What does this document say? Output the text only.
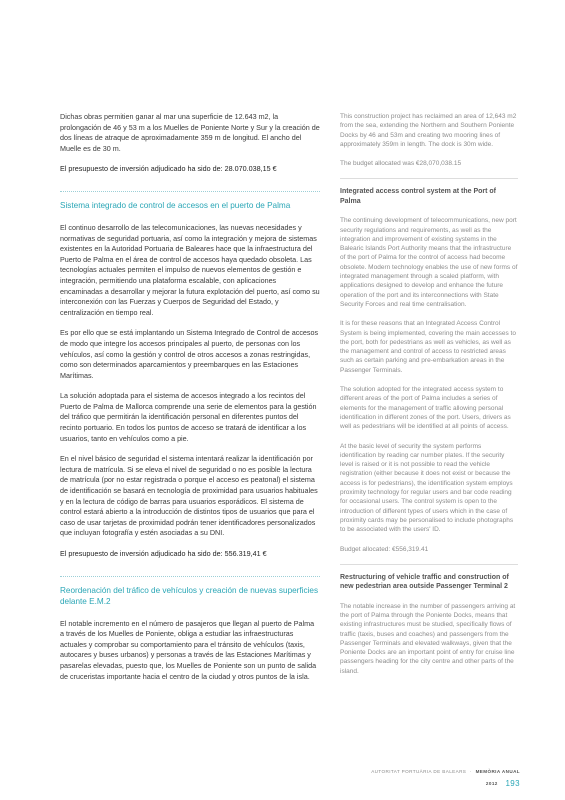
Dichas obras permitien ganar al mar una superficie de 12.643 m2, la prolongación de 46 y 53 m a los Muelles de Poniente Norte y Sur y la creación de dos líneas de atraque de aproximadamente 359 m de longitud. El ancho del Muelle es de 30 m.

El presupuesto de inversión adjudicado ha sido de: 28.070.038,15 €

Sistema integrado de control de accesos en el puerto de Palma

El continuo desarrollo de las telecomunicaciones, las nuevas necesidades y normativas de seguridad portuaria, así como la integración y mejora de sistemas existentes en la Autoridad Portuaria de Baleares hace que la infraestructura del Puerto de Palma en el área de control de accesos haya quedado obsoleta. Las tecnologías actuales permiten el impulso de nuevos elementos de gestión e integración, permitiendo una plataforma escalable, con aplicaciones encaminadas a desarrollar y mejorar la futura explotación del puerto, así como su interconexión con las Fuerzas y Cuerpos de Seguridad del Estado, y centralización en tiempo real.

Es por ello que se está implantando un Sistema Integrado de Control de accesos de modo que integre los accesos principales al puerto, de personas con los vehículos, así como la gestión y control de otros accesos a zonas restringidas, como son determinados aparcamientos y preembarques en las Estaciones Marítimas.

La solución adoptada para el sistema de accesos integrado a los recintos del Puerto de Palma de Mallorca comprende una serie de elementos para la gestión del tráfico que permitirán la identificación personal en diferentes puntos del recinto portuario. En todos los puntos de acceso se tratará de identificar a los usuarios, tanto en vehículos como a pie.

En el nivel básico de seguridad el sistema intentará realizar la identificación por lectura de matrícula. Si se eleva el nivel de seguridad o no es posible la lectura de matrícula (por no estar registrada o porque el acceso es peatonal) el sistema de identificación se basará en tecnología de proximidad para usuarios habituales y en la lectura de código de barras para usuarios esporádicos. El sistema de control estará abierto a la introducción de distintos tipos de usuarios que para el caso de usar tarjetas de proximidad podrán tener identificadores personalizados que incluyan fotografía y estén asociadas a su DNI.

El presupuesto de inversión adjudicado ha sido de: 556.319,41 €

Reordenación del tráfico de vehículos y creación de nuevas superficies delante E.M.2

El notable incremento en el número de pasajeros que llegan al puerto de Palma a través de los Muelles de Poniente, obliga a estudiar las infraestructuras actuales y comprobar su comportamiento para el tránsito de vehículos (taxis, autocares y buses urbanos) y personas a través de las Estaciones Marítimas y pasarelas elevadas, puesto que, los Muelles de Poniente son un punto de salida de cruceristas importante hacia el centro de la ciudad y otros puntos de la isla.

This construction project has reclaimed an area of 12,643 m2 from the sea, extending the Northern and Southern Poniente Docks by 46 and 53m and creating two mooring lines of approximately 359m in length. The dock is 30m wide.

The budget allocated was €28,070,038.15

Integrated access control system at the Port of Palma

The continuing development of telecommunications, new port security regulations and requirements, as well as the integration and improvement of existing systems in the Balearic Islands Port Authority means that the infrastructure of the port of Palma for the control of access had become obsolete. Modern technology enables the use of new forms of integrated management through a scaled platform, with applications designed to develop and enhance the future operation of the port and its interconnections with State Security Forces and real time centralisation.

It is for these reasons that an Integrated Access Control System is being implemented, covering the main accesses to the port, both for pedestrians as well as vehicles, as well as the management and control of access to restricted areas such as certain parking and pre-embarkation areas in the Passenger Terminals.

The solution adopted for the integrated access system to different areas of the port of Palma includes a series of elements for the management of traffic allowing personal identification in different zones of the port. Users, drivers as well as pedestrians will be identified at all points of access.

At the basic level of security the system performs identification by reading car number plates. If the security level is raised or it is not possible to read the vehicle registration (either because it does not exist or because the access is for pedestrians), the identification system employs proximity technology for regular users and bar code reading for occasional users. The control system is open to the introduction of different types of users which in the case of proximity cards may be personalised to include photographs to be associated with the users' ID.

Budget allocated: €556,319.41

Restructuring of vehicle traffic and construction of new pedestrian area outside Passenger Terminal 2

The notable increase in the number of passengers arriving at the port of Palma through the Poniente Docks, means that existing infrastructures must be studied, specifically flows of traffic (taxis, buses and coaches) and passengers from the Passenger Terminals and elevated walkways, given that the Poniente Docks are an important point of entry for cruise line passengers heading for the city centre and other parts of the island.

AUTORITAT PORTUÀRIA DE BALEARS · MEMÒRIA ANUAL 2012 193
